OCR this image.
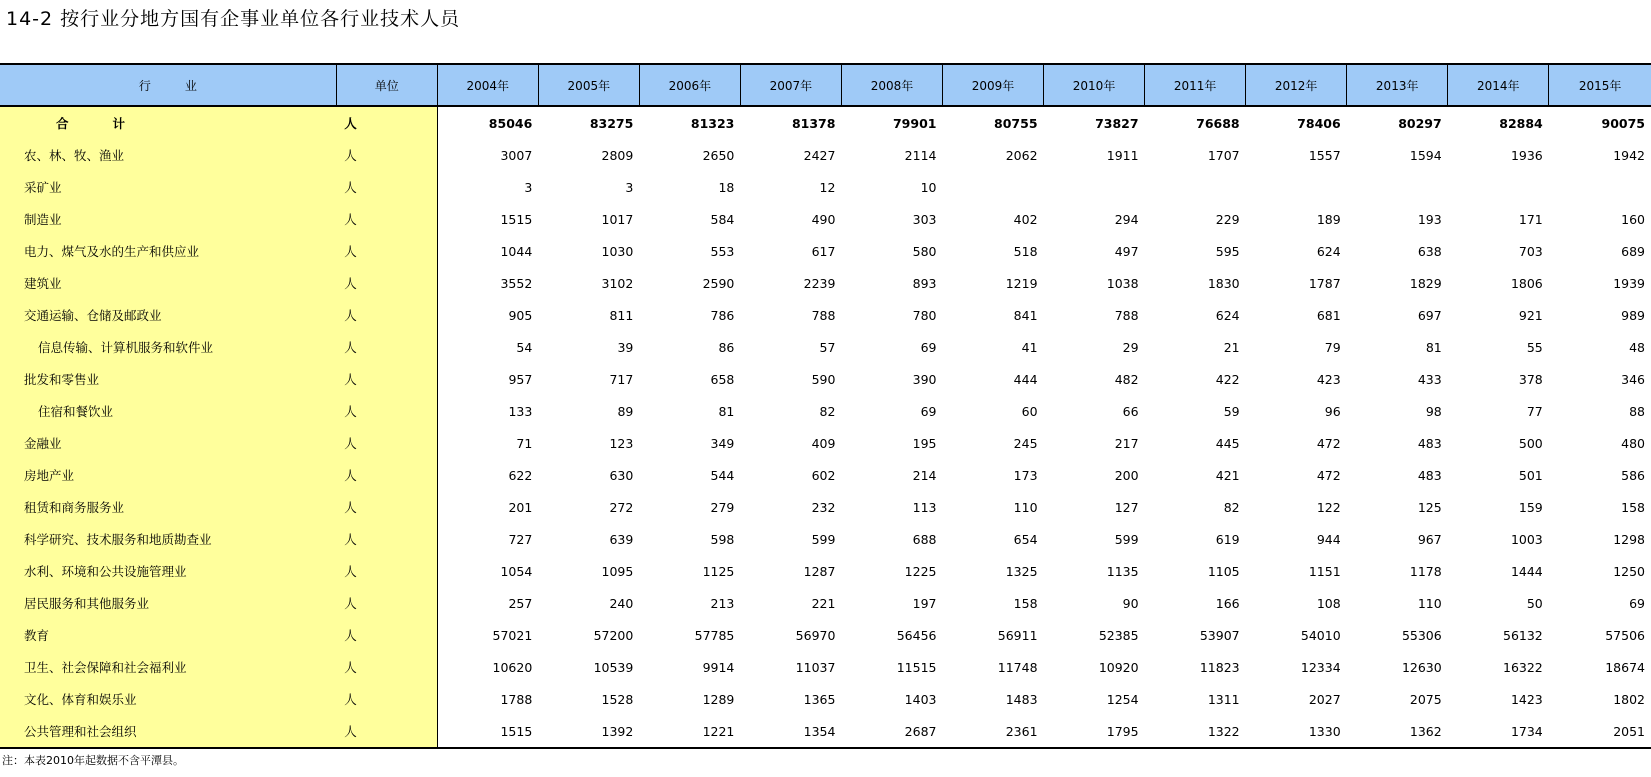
14-2 按行业分地方国有企事业单位各行业技术人员
行业	单位	2004年	2005年	2006年	2007年	2008年	2009年	2010年	2011年	2012年	2013年	2014年	2015年
合计	人	85046	83275	81323	81378	79901	80755	73827	76688	78406	80297	82884	90075
农、林、牧、渔业	人	3007	2809	2650	2427	2114	2062	1911	1707	1557	1594	1936	1942
采矿业	人	3	3	18	12	10							
制造业	人	1515	1017	584	490	303	402	294	229	189	193	171	160
电力、煤气及水的生产和供应业	人	1044	1030	553	617	580	518	497	595	624	638	703	689
建筑业	人	3552	3102	2590	2239	893	1219	1038	1830	1787	1829	1806	1939
交通运输、仓储及邮政业	人	905	811	786	788	780	841	788	624	681	697	921	989
信息传输、计算机服务和软件业	人	54	39	86	57	69	41	29	21	79	81	55	48
批发和零售业	人	957	717	658	590	390	444	482	422	423	433	378	346
住宿和餐饮业	人	133	89	81	82	69	60	66	59	96	98	77	88
金融业	人	71	123	349	409	195	245	217	445	472	483	500	480
房地产业	人	622	630	544	602	214	173	200	421	472	483	501	586
租赁和商务服务业	人	201	272	279	232	113	110	127	82	122	125	159	158
科学研究、技术服务和地质勘查业	人	727	639	598	599	688	654	599	619	944	967	1003	1298
水利、环境和公共设施管理业	人	1054	1095	1125	1287	1225	1325	1135	1105	1151	1178	1444	1250
居民服务和其他服务业	人	257	240	213	221	197	158	90	166	108	110	50	69
教育	人	57021	57200	57785	56970	56456	56911	52385	53907	54010	55306	56132	57506
卫生、社会保障和社会福利业	人	10620	10539	9914	11037	11515	11748	10920	11823	12334	12630	16322	18674
文化、体育和娱乐业	人	1788	1528	1289	1365	1403	1483	1254	1311	2027	2075	1423	1802
公共管理和社会组织	人	1515	1392	1221	1354	2687	2361	1795	1322	1330	1362	1734	2051
注：本表2010年起数据不含平潭县。
